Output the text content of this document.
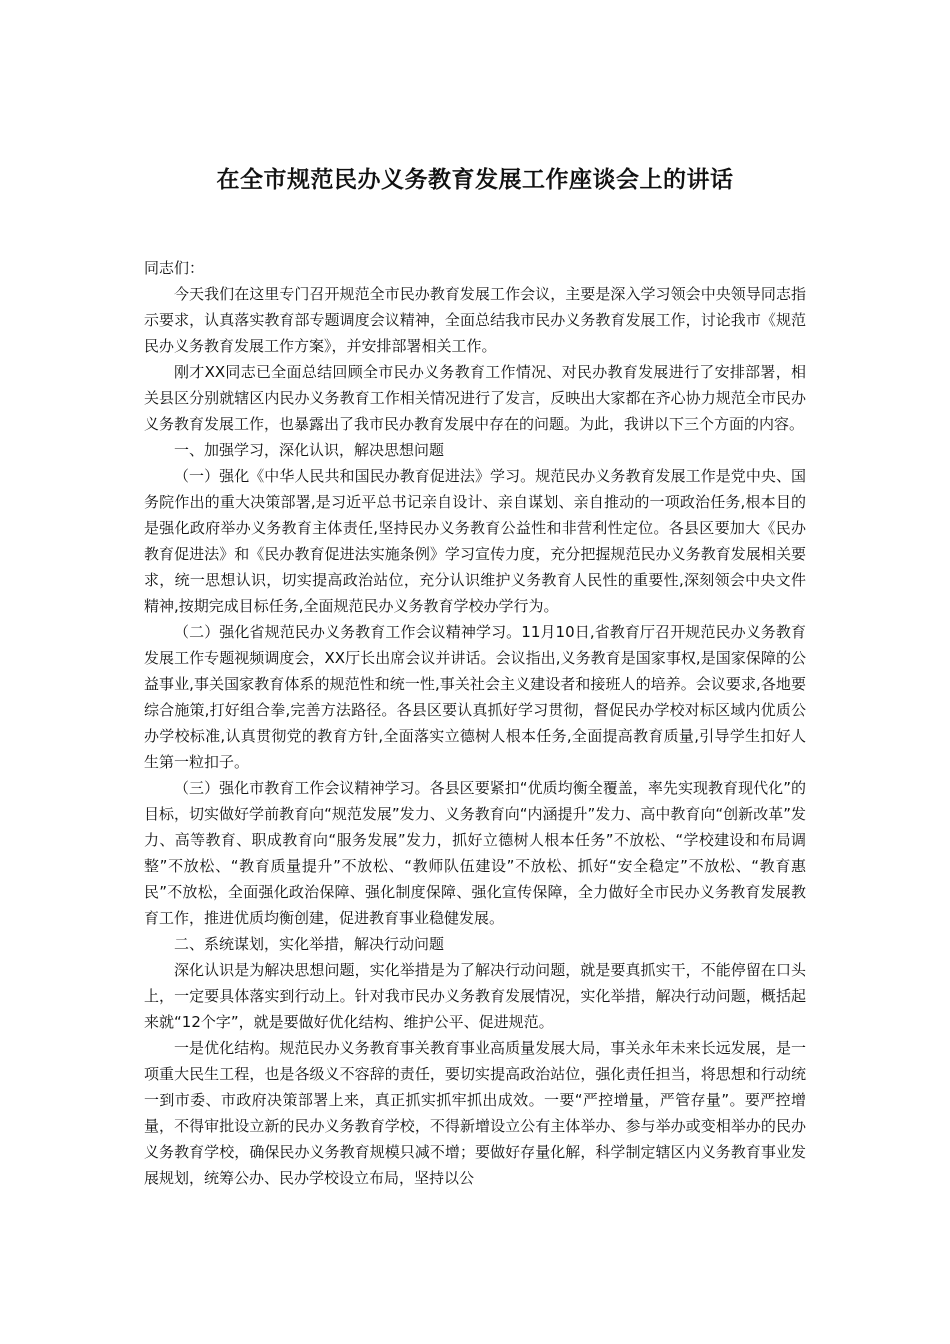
在全市规范民办义务教育发展工作座谈会上的讲话

同志们：

今天我们在这里专门召开规范全市民办教育发展工作会议，主要是深入学习领会中央领导同志指示要求，认真落实教育部专题调度会议精神，全面总结我市民办义务教育发展工作，讨论我市《规范民办义务教育发展工作方案》，并安排部署相关工作。

刚才XX同志已全面总结回顾全市民办义务教育工作情况、对民办教育发展进行了安排部署，相关县区分别就辖区内民办义务教育工作相关情况进行了发言，反映出大家都在齐心协力规范全市民办义务教育发展工作，也暴露出了我市民办教育发展中存在的问题。为此，我讲以下三个方面的内容。

一、加强学习，深化认识，解决思想问题

（一）强化《中华人民共和国民办教育促进法》学习。规范民办义务教育发展工作是党中央、国务院作出的重大决策部署,是习近平总书记亲自设计、亲自谋划、亲自推动的一项政治任务,根本目的是强化政府举办义务教育主体责任,坚持民办义务教育公益性和非营利性定位。各县区要加大《民办教育促进法》和《民办教育促进法实施条例》学习宣传力度，充分把握规范民办义务教育发展相关要求，统一思想认识，切实提高政治站位，充分认识维护义务教育人民性的重要性,深刻领会中央文件精神,按期完成目标任务,全面规范民办义务教育学校办学行为。

（二）强化省规范民办义务教育工作会议精神学习。11月10日,省教育厅召开规范民办义务教育发展工作专题视频调度会，XX厅长出席会议并讲话。会议指出,义务教育是国家事权,是国家保障的公益事业,事关国家教育体系的规范性和统一性,事关社会主义建设者和接班人的培养。会议要求,各地要综合施策,打好组合拳,完善方法路径。各县区要认真抓好学习贯彻，督促民办学校对标区域内优质公办学校标准,认真贯彻党的教育方针,全面落实立德树人根本任务,全面提高教育质量,引导学生扣好人生第一粒扣子。

（三）强化市教育工作会议精神学习。各县区要紧扣“优质均衡全覆盖，率先实现教育现代化”的目标，切实做好学前教育向“规范发展”发力、义务教育向“内涵提升”发力、高中教育向“创新改革”发力、高等教育、职成教育向“服务发展”发力，抓好立德树人根本任务”不放松、“学校建设和布局调整”不放松、“教育质量提升”不放松、“教师队伍建设”不放松、抓好“安全稳定”不放松、“教育惠民”不放松，全面强化政治保障、强化制度保障、强化宣传保障，全力做好全市民办义务教育发展教育工作，推进优质均衡创建，促进教育事业稳健发展。

二、系统谋划，实化举措，解决行动问题

深化认识是为解决思想问题，实化举措是为了解决行动问题，就是要真抓实干，不能停留在口头上，一定要具体落实到行动上。针对我市民办义务教育发展情况，实化举措，解决行动问题，概括起来就“12个字”，就是要做好优化结构、维护公平、促进规范。

一是优化结构。规范民办义务教育事关教育事业高质量发展大局，事关永年未来长远发展，是一项重大民生工程，也是各级义不容辞的责任，要切实提高政治站位，强化责任担当，将思想和行动统一到市委、市政府决策部署上来，真正抓实抓牢抓出成效。一要“严控增量，严管存量”。要严控增量，不得审批设立新的民办义务教育学校，不得新增设立公有主体举办、参与举办或变相举办的民办义务教育学校，确保民办义务教育规模只减不增；要做好存量化解，科学制定辖区内义务教育事业发展规划，统筹公办、民办学校设立布局，坚持以公
